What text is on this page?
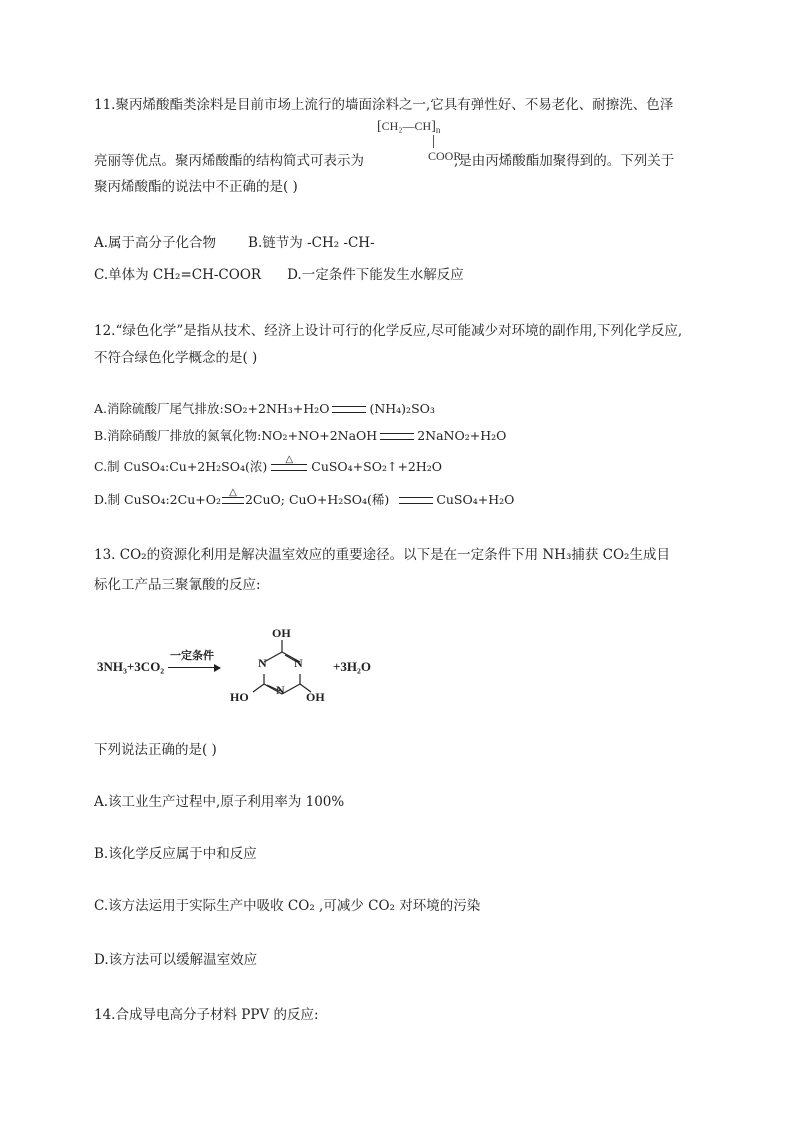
11.聚丙烯酸酯类涂料是目前市场上流行的墙面涂料之一,它具有弹性好、不易老化、耐擦洗、色泽
$[CH_2—CH]_n$
COOR
亮丽等优点。聚丙烯酸酯的结构简式可表示为	,是由丙烯酸酯加聚得到的。下列关于
聚丙烯酸酯的说法中不正确的是( )
A.属于高分子化合物 B.链节为 -CH₂ -CH-
C.单体为 CH₂=CH-COOR D.一定条件下能发生水解反应
12.“绿色化学”是指从技术、经济上设计可行的化学反应,尽可能减少对环境的副作用,下列化学反应,
不符合绿色化学概念的是( )
A.消除硫酸厂尾气排放:SO₂+2NH₃+H₂O	(NH₄)₂SO₃
B.消除硝酸厂排放的氮氧化物:NO₂+NO+2NaOH	2NaNO₂+H₂O
C.制 CuSO₄:Cu+2H₂SO₄(浓)	△	CuSO₄+SO₂↑+2H₂O
D.制 CuSO₄:2Cu+O₂ △ 2CuO; CuO+H₂SO₄(稀)	CuSO₄+H₂O
13. CO₂的资源化利用是解决温室效应的重要途径。以下是在一定条件下用 NH₃捕获 CO₂生成目
标化工产品三聚氰酸的反应:
3NH₃+3CO₂
一定条件
OH
N
N
N
HO	OH
+3H₂O
下列说法正确的是( )
A.该工业生产过程中,原子利用率为 100%
B.该化学反应属于中和反应
C.该方法运用于实际生产中吸收 CO₂ ,可减少 CO₂ 对环境的污染
D.该方法可以缓解温室效应
14.合成导电高分子材料 PPV 的反应:
